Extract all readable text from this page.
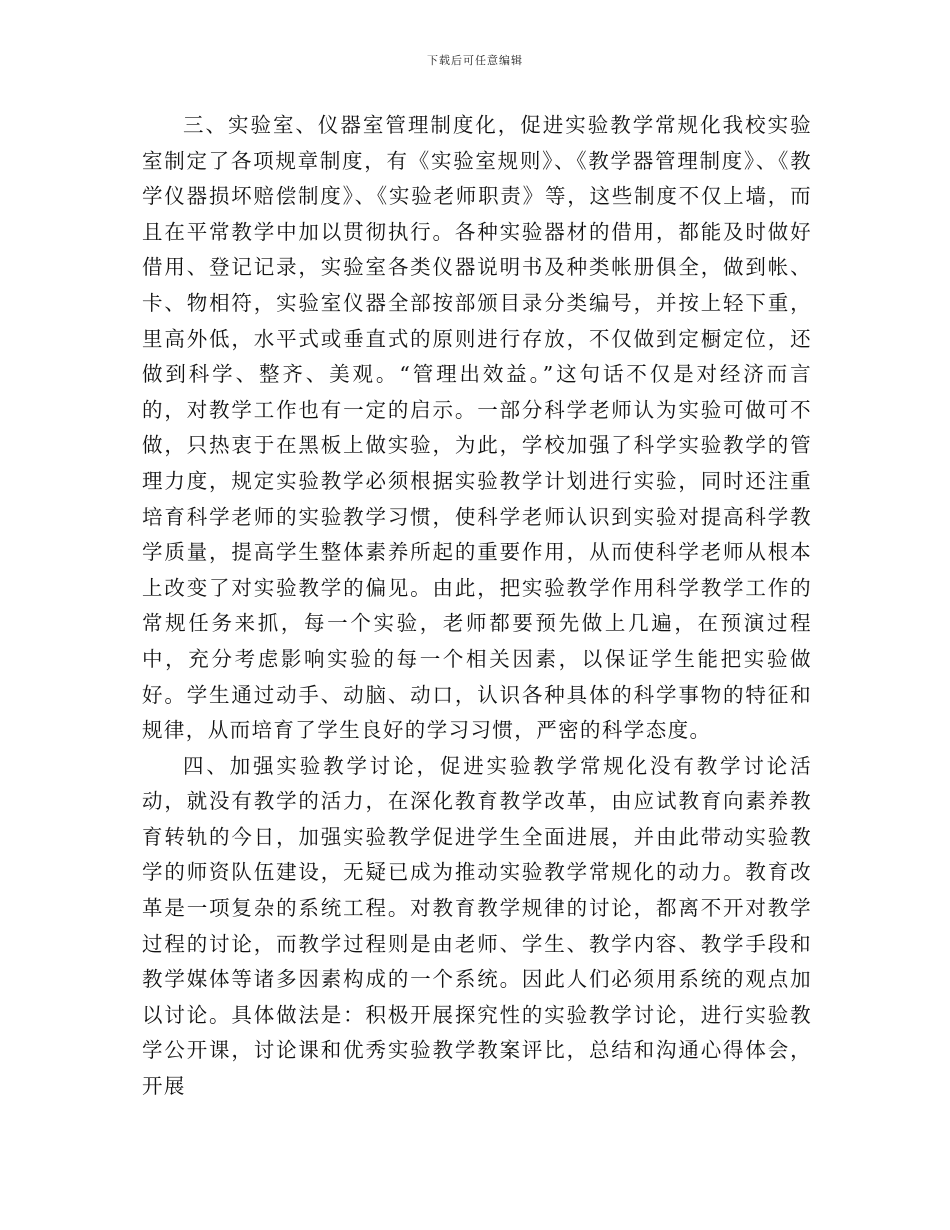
下载后可任意编辑

三、实验室、仪器室管理制度化，促进实验教学常规化我校实验室制定了各项规章制度，有《实验室规则》、《教学器管理制度》、《教学仪器损坏赔偿制度》、《实验老师职责》等，这些制度不仅上墙，而且在平常教学中加以贯彻执行。各种实验器材的借用，都能及时做好借用、登记记录，实验室各类仪器说明书及种类帐册俱全，做到帐、卡、物相符，实验室仪器全部按部颁目录分类编号，并按上轻下重，里高外低，水平式或垂直式的原则进行存放，不仅做到定橱定位，还做到科学、整齐、美观。“管理出效益。”这句话不仅是对经济而言的，对教学工作也有一定的启示。一部分科学老师认为实验可做可不做，只热衷于在黑板上做实验，为此，学校加强了科学实验教学的管理力度，规定实验教学必须根据实验教学计划进行实验，同时还注重培育科学老师的实验教学习惯，使科学老师认识到实验对提高科学教学质量，提高学生整体素养所起的重要作用，从而使科学老师从根本上改变了对实验教学的偏见。由此，把实验教学作用科学教学工作的常规任务来抓，每一个实验，老师都要预先做上几遍，在预演过程中，充分考虑影响实验的每一个相关因素，以保证学生能把实验做好。学生通过动手、动脑、动口，认识各种具体的科学事物的特征和规律，从而培育了学生良好的学习习惯，严密的科学态度。

四、加强实验教学讨论，促进实验教学常规化没有教学讨论活动，就没有教学的活力，在深化教育教学改革，由应试教育向素养教育转轨的今日，加强实验教学促进学生全面进展，并由此带动实验教学的师资队伍建设，无疑已成为推动实验教学常规化的动力。教育改革是一项复杂的系统工程。对教育教学规律的讨论，都离不开对教学过程的讨论，而教学过程则是由老师、学生、教学内容、教学手段和教学媒体等诸多因素构成的一个系统。因此人们必须用系统的观点加以讨论。具体做法是：积极开展探究性的实验教学讨论，进行实验教学公开课，讨论课和优秀实验教学教案评比，总结和沟通心得体会，开展
